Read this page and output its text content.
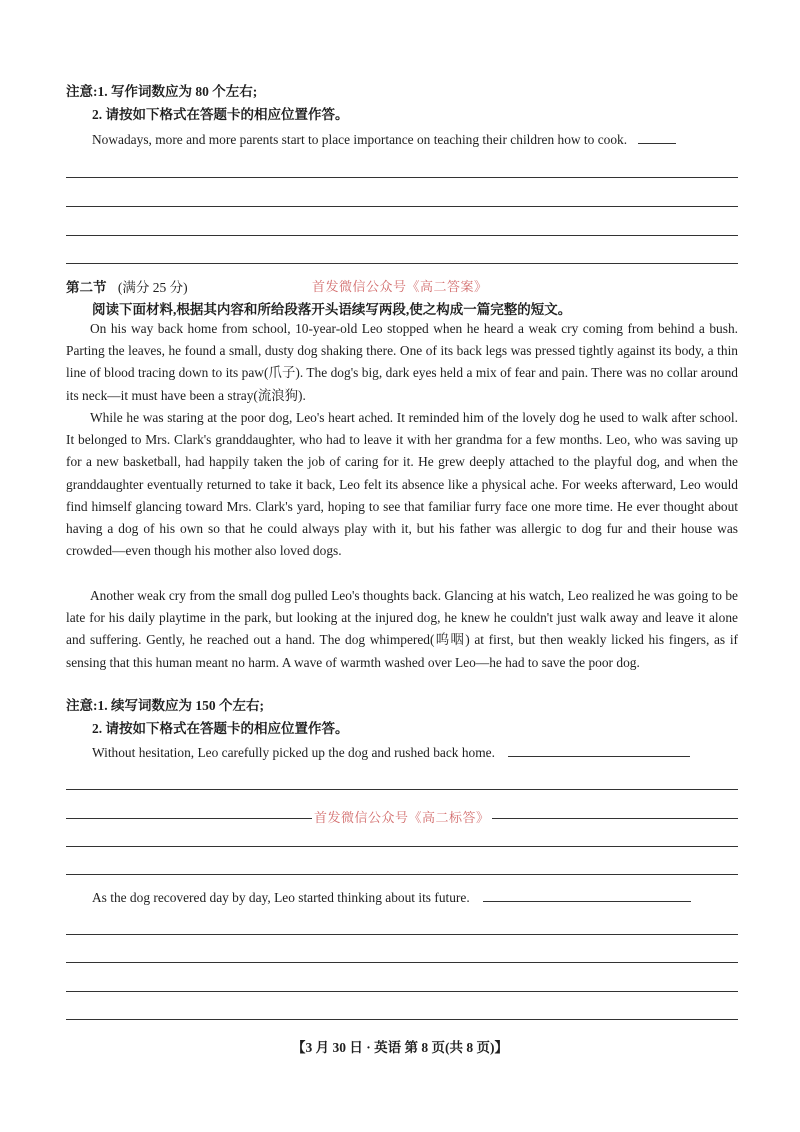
注意:1. 写作词数应为 80 个左右;
2. 请按如下格式在答题卡的相应位置作答。
Nowadays, more and more parents start to place importance on teaching their children how to cook.
第二节 (满分 25 分)	首发微信公众号《高二答案》
阅读下面材料,根据其内容和所给段落开头语续写两段,使之构成一篇完整的短文。

On his way back home from school, 10-year-old Leo stopped when he heard a weak cry coming from behind a bush. Parting the leaves, he found a small, dusty dog shaking there. One of its back legs was pressed tightly against its body, a thin line of blood tracing down to its paw(爪子). The dog's big, dark eyes held a mix of fear and pain. There was no collar around its neck—it must have been a stray(流浪狗).

While he was staring at the poor dog, Leo's heart ached. It reminded him of the lovely dog he used to walk after school. It belonged to Mrs. Clark's granddaughter, who had to leave it with her grandma for a few months. Leo, who was saving up for a new basketball, had happily taken the job of caring for it. He grew deeply attached to the playful dog, and when the granddaughter eventually returned to take it back, Leo felt its absence like a physical ache. For weeks afterward, Leo would find himself glancing toward Mrs. Clark's yard, hoping to see that familiar furry face one more time. He ever thought about having a dog of his own so that he could always play with it, but his father was allergic to dog fur and their house was crowded—even though his mother also loved dogs.

Another weak cry from the small dog pulled Leo's thoughts back. Glancing at his watch, Leo realized he was going to be late for his daily playtime in the park, but looking at the injured dog, he knew he couldn't just walk away and leave it alone and suffering. Gently, he reached out a hand. The dog whimpered(呜咽) at first, but then weakly licked his fingers, as if sensing that this human meant no harm. A wave of warmth washed over Leo—he had to save the poor dog.

注意:1. 续写词数应为 150 个左右;
2. 请按如下格式在答题卡的相应位置作答。
Without hesitation, Leo carefully picked up the dog and rushed back home.
首发微信公众号《高二标答》
As the dog recovered day by day, Leo started thinking about its future.
【3 月 30 日 · 英语 第 8 页(共 8 页)】
